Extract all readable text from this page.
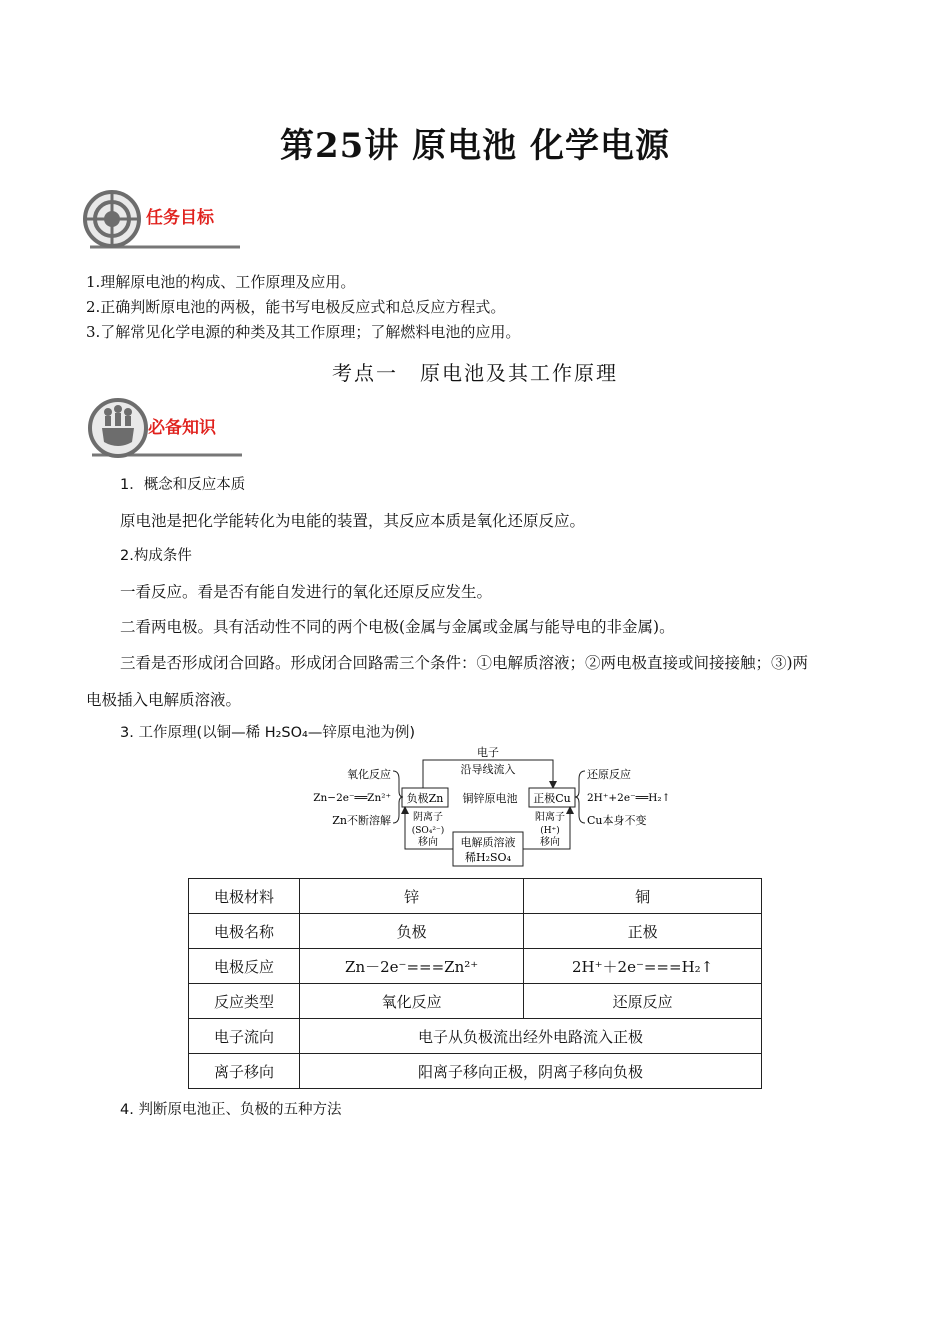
第25讲 原电池 化学电源
任务目标
1.理解原电池的构成、工作原理及应用。
2.正确判断原电池的两极，能书写电极反应式和总反应方程式。
3.了解常见化学电源的种类及其工作原理；了解燃料电池的应用。
考点一　原电池及其工作原理
必备知识
1．概念和反应本质
原电池是把化学能转化为电能的装置，其反应本质是氧化还原反应。
2.构成条件
一看反应。看是否有能自发进行的氧化还原反应发生。
二看两电极。具有活动性不同的两个电极(金属与金属或金属与能导电的非金属)。
三看是否形成闭合回路。形成闭合回路需三个条件：①电解质溶液；②两电极直接或间接接触；③)两
电极插入电解质溶液。
3. 工作原理(以铜—稀 H₂SO₄—锌原电池为例)
电子
沿导线流入
负极Zn 铜锌原电池 正极Cu
氧化反应
Zn−2e⁻══Zn²⁺
Zn不断溶解
还原反应
2H⁺+2e⁻══H₂↑
Cu本身不变
阴离子
(SO₄²⁻)
移向
阳离子
(H⁺)
移向
电解质溶液
稀H₂SO₄
电极材料	锌	铜
电极名称	负极	正极
电极反应	Zn－2e⁻===Zn²⁺	2H⁺＋2e⁻===H₂↑
反应类型	氧化反应	还原反应
电子流向	电子从负极流出经外电路流入正极	
离子移向	阳离子移向正极，阴离子移向负极	
4. 判断原电池正、负极的五种方法
